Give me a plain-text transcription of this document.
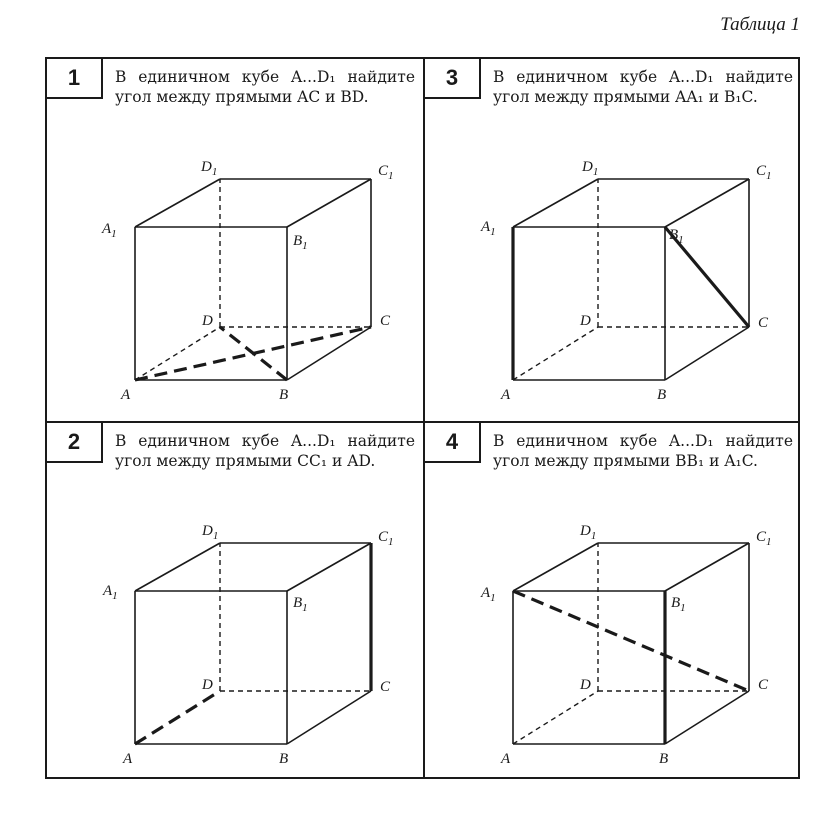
Таблица 1
1	В единичном кубе A...D₁ найдите угол между прямыми AC и BD.
A	B
C
D
$A_1$	$B_1$
$C_1$
$D_1$
3	В единичном кубе A...D₁ найдите угол между прямыми AA₁ и B₁C.
A	B
C
D
$A_1$	$B_1$
$C_1$
$D_1$
2	В единичном кубе A...D₁ найдите угол между прямыми CC₁ и AD.
A	B
C
D
$A_1$	$B_1$
$C_1$
$D_1$
4	В единичном кубе A...D₁ найдите угол между прямыми BB₁ и A₁C.
A	B
C
D
$A_1$	$B_1$
$C_1$
$D_1$
